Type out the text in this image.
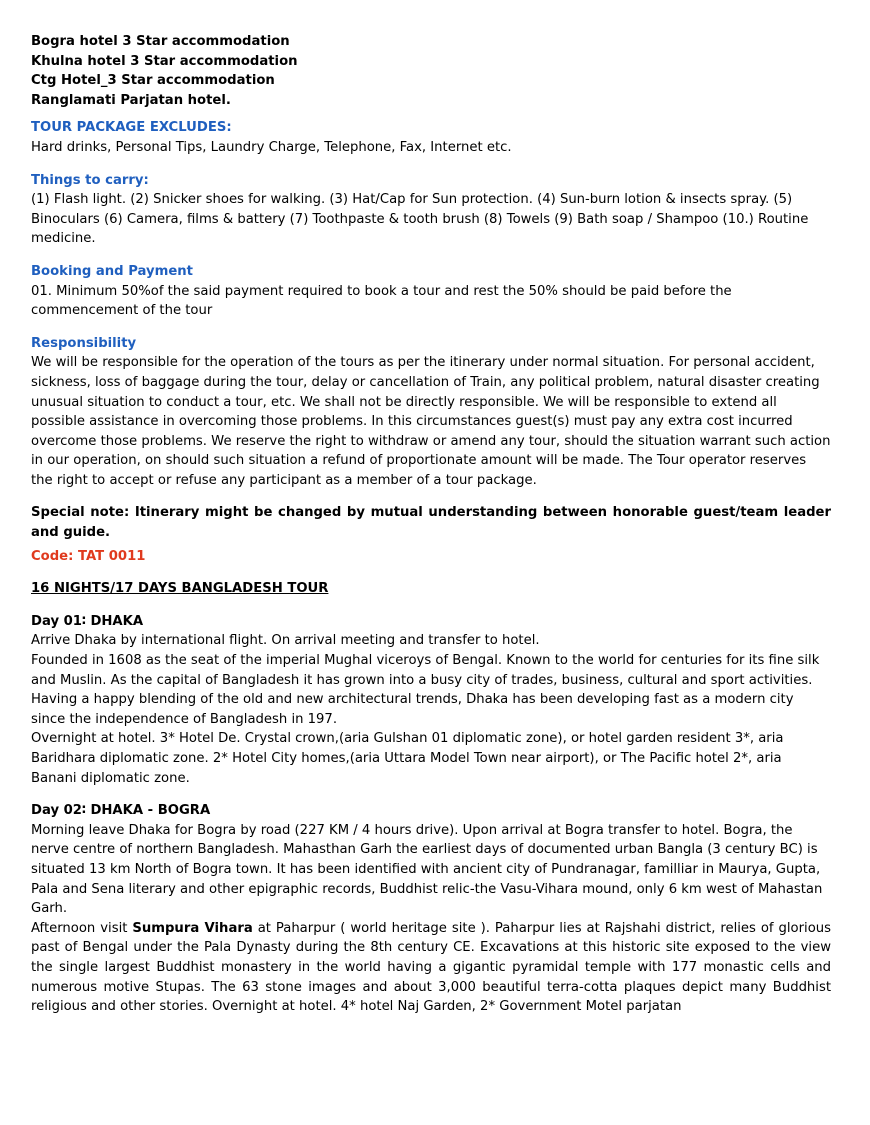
Bogra hotel 3 Star accommodation

Khulna hotel 3 Star accommodation

Ctg Hotel_3 Star accommodation

Ranglamati Parjatan hotel.

TOUR PACKAGE EXCLUDES:

Hard drinks, Personal Tips, Laundry Charge, Telephone, Fax, Internet etc.

Things to carry:

(1) Flash light. (2) Snicker shoes for walking. (3) Hat/Cap for Sun protection. (4) Sun-burn lotion & insects spray. (5) Binoculars (6) Camera, films & battery (7) Toothpaste & tooth brush (8) Towels (9) Bath soap / Shampoo (10.) Routine medicine.

Booking and Payment

01. Minimum 50%of the said payment required to book a tour and rest the 50% should be paid before the commencement of the tour

Responsibility

We will be responsible for the operation of the tours as per the itinerary under normal situation. For personal accident, sickness, loss of baggage during the tour, delay or cancellation of Train, any political problem, natural disaster creating unusual situation to conduct a tour, etc. We shall not be directly responsible. We will be responsible to extend all possible assistance in overcoming those problems. In this circumstances guest(s) must pay any extra cost incurred overcome those problems. We reserve the right to withdraw or amend any tour, should the situation warrant such action in our operation, on should such situation a refund of proportionate amount will be made. The Tour operator reserves the right to accept or refuse any participant as a member of a tour package.

Special note: Itinerary might be changed by mutual understanding between honorable guest/team leader and guide.

Code: TAT 0011

16 NIGHTS/17 DAYS BANGLADESH TOUR

Day 01∶ DHAKA

Arrive Dhaka by international flight. On arrival meeting and transfer to hotel.

Founded in 1608 as the seat of the imperial Mughal viceroys of Bengal. Known to the world for centuries for its fine silk and Muslin. As the capital of Bangladesh it has grown into a busy city of trades, business, cultural and sport activities. Having a happy blending of the old and new architectural trends, Dhaka has been developing fast as a modern city since the independence of Bangladesh in 197.

Overnight at hotel. 3* Hotel De. Crystal crown,(aria Gulshan 01 diplomatic zone), or hotel garden resident 3*, aria Baridhara diplomatic zone. 2* Hotel City homes,(aria Uttara Model Town near airport), or The Pacific hotel 2*, aria Banani diplomatic zone.

Day 02∶ DHAKA - BOGRA

Morning leave Dhaka for Bogra by road (227 KM / 4 hours drive). Upon arrival at Bogra transfer to hotel. Bogra, the nerve centre of northern Bangladesh. Mahasthan Garh the earliest days of documented urban Bangla (3 century BC) is situated 13 km North of Bogra town. It has been identified with ancient city of Pundranagar, familliar in Maurya, Gupta, Pala and Sena literary and other epigraphic records, Buddhist relic-the Vasu-Vihara mound, only 6 km west of Mahastan Garh.

Afternoon visit Sumpura Vihara at Paharpur ( world heritage site ). Paharpur lies at Rajshahi district, relies of glorious past of Bengal under the Pala Dynasty during the 8th century CE. Excavations at this historic site exposed to the view the single largest Buddhist monastery in the world having a gigantic pyramidal temple with 177 monastic cells and numerous motive Stupas. The 63 stone images and about 3,000 beautiful terra-cotta plaques depict many Buddhist religious and other stories. Overnight at hotel. 4* hotel Naj Garden, 2* Government Motel parjatan
